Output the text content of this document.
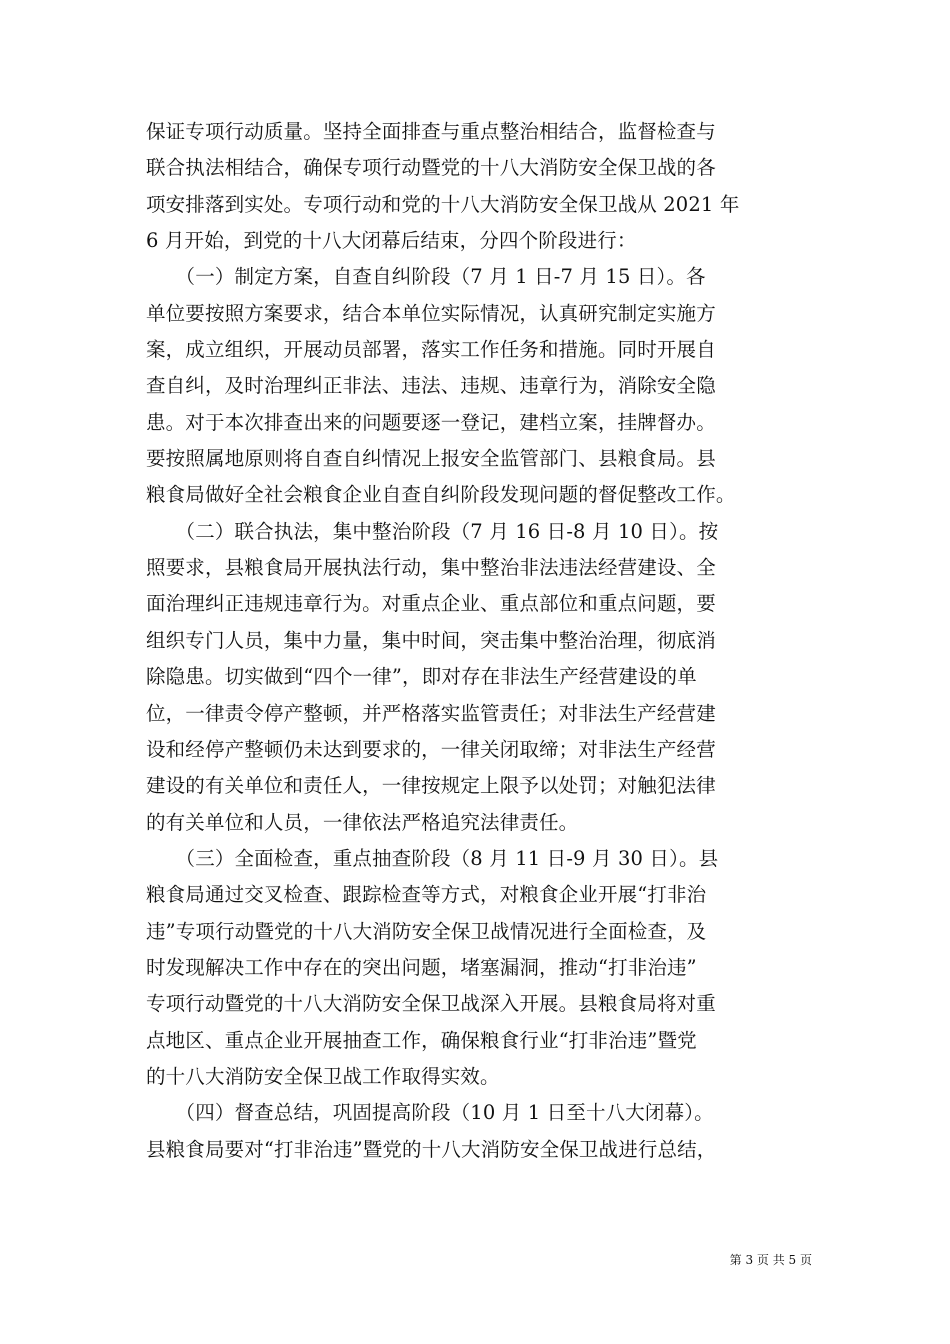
保证专项行动质量。坚持全面排查与重点整治相结合，监督检查与
联合执法相结合，确保专项行动暨党的十八大消防安全保卫战的各
项安排落到实处。专项行动和党的十八大消防安全保卫战从 2021 年
6 月开始，到党的十八大闭幕后结束，分四个阶段进行：
　　（一）制定方案，自查自纠阶段（7 月 1 日-7 月 15 日）。各
单位要按照方案要求，结合本单位实际情况，认真研究制定实施方
案，成立组织，开展动员部署，落实工作任务和措施。同时开展自
查自纠，及时治理纠正非法、违法、违规、违章行为，消除安全隐
患。对于本次排查出来的问题要逐一登记，建档立案，挂牌督办。
要按照属地原则将自查自纠情况上报安全监管部门、县粮食局。县
粮食局做好全社会粮食企业自查自纠阶段发现问题的督促整改工作。
　　（二）联合执法，集中整治阶段（7 月 16 日-8 月 10 日）。按
照要求，县粮食局开展执法行动，集中整治非法违法经营建设、全
面治理纠正违规违章行为。对重点企业、重点部位和重点问题，要
组织专门人员，集中力量，集中时间，突击集中整治治理，彻底消
除隐患。切实做到“四个一律”，即对存在非法生产经营建设的单
位，一律责令停产整顿，并严格落实监管责任；对非法生产经营建
设和经停产整顿仍未达到要求的，一律关闭取缔；对非法生产经营
建设的有关单位和责任人，一律按规定上限予以处罚；对触犯法律
的有关单位和人员，一律依法严格追究法律责任。
　　（三）全面检查，重点抽查阶段（8 月 11 日-9 月 30 日）。县
粮食局通过交叉检查、跟踪检查等方式，对粮食企业开展“打非治
违”专项行动暨党的十八大消防安全保卫战情况进行全面检查，及
时发现解决工作中存在的突出问题，堵塞漏洞，推动“打非治违”
专项行动暨党的十八大消防安全保卫战深入开展。县粮食局将对重
点地区、重点企业开展抽查工作，确保粮食行业“打非治违”暨党
的十八大消防安全保卫战工作取得实效。
　　（四）督查总结，巩固提高阶段（10 月 1 日至十八大闭幕）。
县粮食局要对“打非治违”暨党的十八大消防安全保卫战进行总结，
第 3 页 共 5 页
